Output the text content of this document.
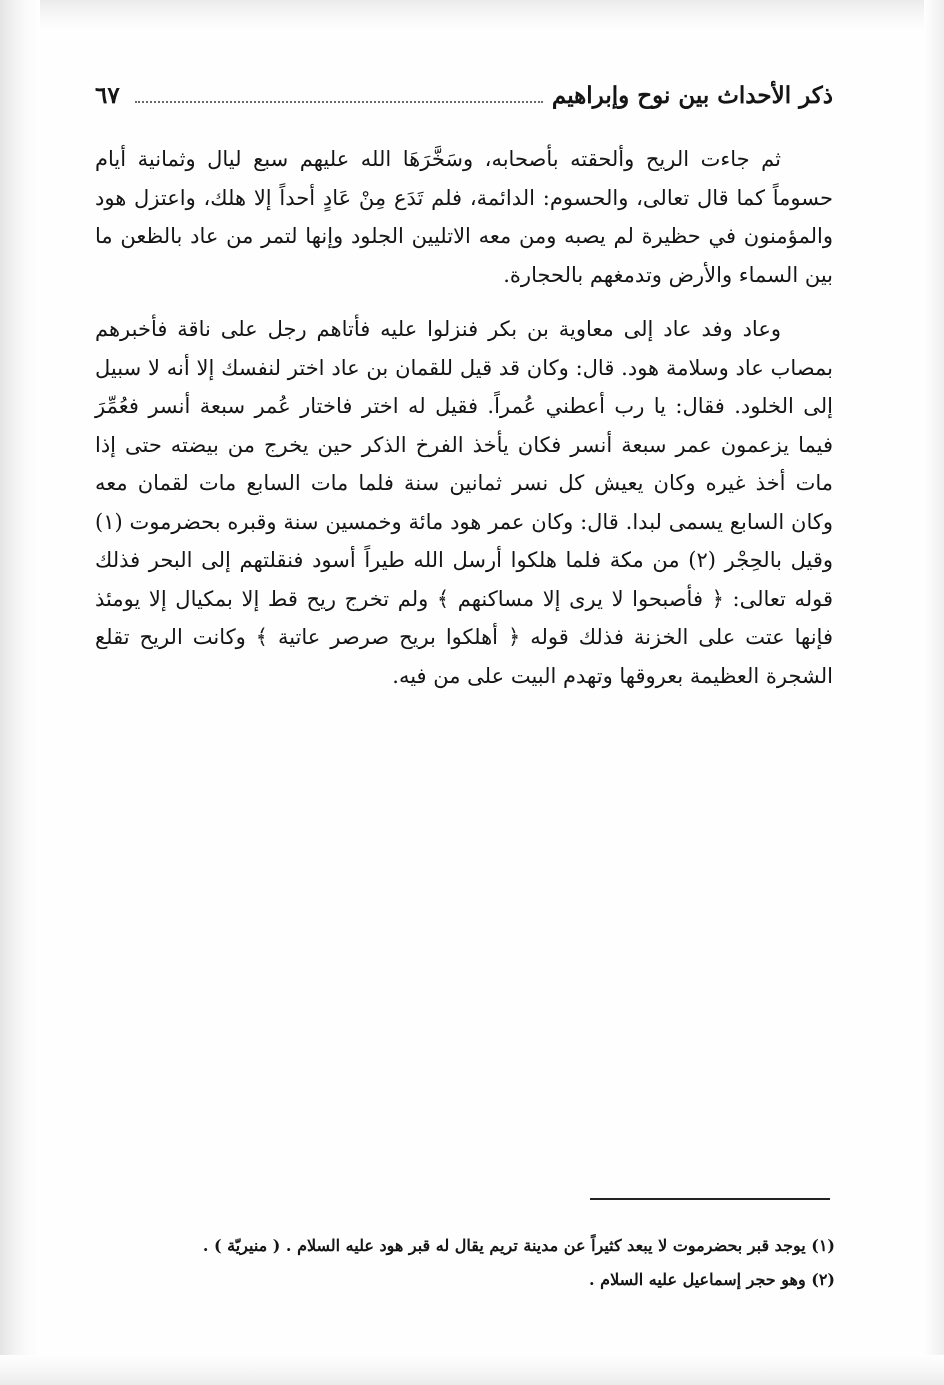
ذكر الأحداث بين نوح وإبراهيم
٦٧

ثم جاءت الريح وألحقته بأصحابه، وسَخَّرَهَا الله عليهم سبع ليال وثمانية أيام حسوماً كما قال تعالى، والحسوم: الدائمة، فلم تَدَع مِنْ عَادٍ أحداً إلا هلك، واعتزل هود والمؤمنون في حظيرة لم يصبه ومن معه الاتليين الجلود وإنها لتمر من عاد بالظعن ما بين السماء والأرض وتدمغهم بالحجارة.

وعاد وفد عاد إلى معاوية بن بكر فنزلوا عليه فأتاهم رجل على ناقة فأخبرهم بمصاب عاد وسلامة هود. قال: وكان قد قيل للقمان بن عاد اختر لنفسك إلا أنه لا سبيل إلى الخلود. فقال: يا رب أعطني عُمراً. فقيل له اختر فاختار عُمر سبعة أنسر فعُمِّرَ فيما يزعمون عمر سبعة أنسر فكان يأخذ الفرخ الذكر حين يخرج من بيضته حتى إذا مات أخذ غيره وكان يعيش كل نسر ثمانين سنة فلما مات السابع مات لقمان معه وكان السابع يسمى لبدا. قال: وكان عمر هود مائة وخمسين سنة وقبره بحضرموت (١) وقيل بالحِجْر (٢) من مكة فلما هلكوا أرسل الله طيراً أسود فنقلتهم إلى البحر فذلك قوله تعالى: ﴿ فأصبحوا لا يرى إلا مساكنهم ﴾ ولم تخرج ريح قط إلا بمكيال إلا يومئذ فإنها عتت على الخزنة فذلك قوله ﴿ أهلكوا بريح صرصر عاتية ﴾ وكانت الريح تقلع الشجرة العظيمة بعروقها وتهدم البيت على من فيه.

(١) يوجد قبر بحضرموت لا يبعد كثيراً عن مدينة تريم يقال له قبر هود عليه السلام . ( منيريّة ) .
(٢) وهو حجر إسماعيل عليه السلام .
